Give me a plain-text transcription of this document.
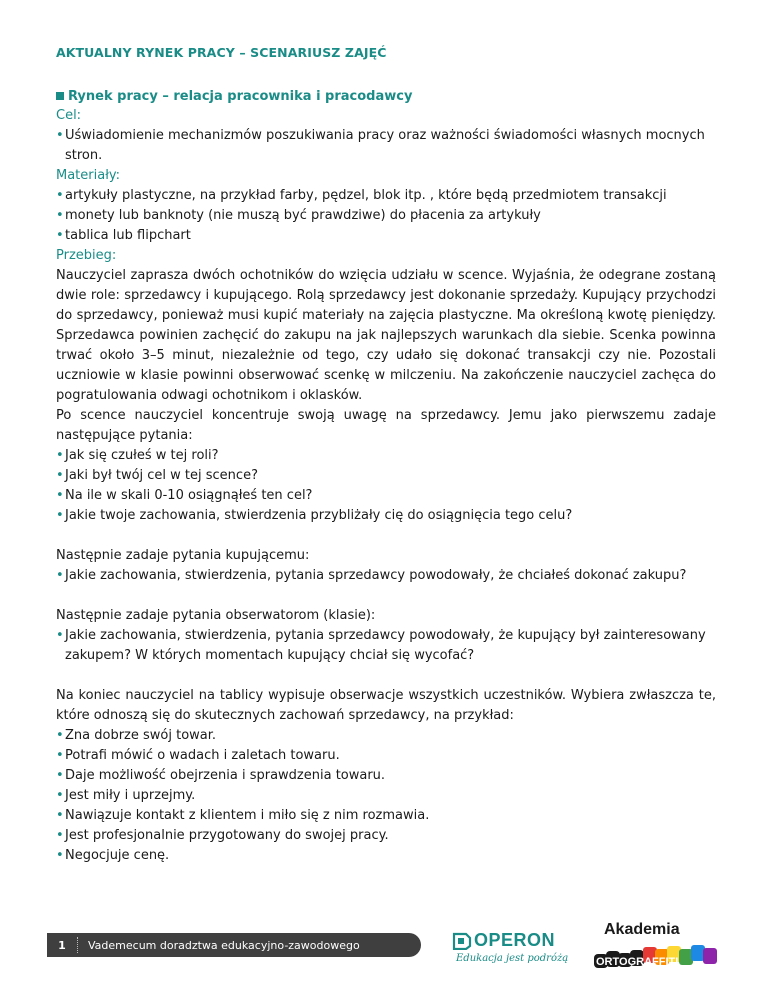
AKTUALNY RYNEK PRACY – SCENARIUSZ ZAJĘĆ
Rynek pracy – relacja pracownika i pracodawcy
Cel:
• Uświadomienie mechanizmów poszukiwania pracy oraz ważności świadomości własnych mocnych stron.
Materiały:
• artykuły plastyczne, na przykład farby, pędzel, blok itp. , które będą przedmiotem transakcji
• monety lub banknoty (nie muszą być prawdziwe) do płacenia za artykuły
• tablica lub flipchart
Przebieg:
Nauczyciel zaprasza dwóch ochotników do wzięcia udziału w scence. Wyjaśnia, że odegrane zostaną dwie role: sprzedawcy i kupującego. Rolą sprzedawcy jest dokonanie sprzedaży. Kupujący przychodzi do sprzedawcy, ponieważ musi kupić materiały na zajęcia plastyczne. Ma określoną kwotę pieniędzy. Sprzedawca powinien zachęcić do zakupu na jak najlepszych warunkach dla siebie. Scenka powinna trwać około 3–5 minut, niezależnie od tego, czy udało się dokonać transakcji czy nie. Pozostali uczniowie w klasie powinni obserwować scenkę w milczeniu. Na zakończenie nauczyciel zachęca do pogratulowania odwagi ochotnikom i oklasków.
Po scence nauczyciel koncentruje swoją uwagę na sprzedawcy. Jemu jako pierwszemu zadaje następujące pytania:
• Jak się czułeś w tej roli?
• Jaki był twój cel w tej scence?
• Na ile w skali 0-10 osiągnąłeś ten cel?
• Jakie twoje zachowania, stwierdzenia przybliżały cię do osiągnięcia tego celu?
Następnie zadaje pytania kupującemu:
• Jakie zachowania, stwierdzenia, pytania sprzedawcy powodowały, że chciałeś dokonać zakupu?
Następnie zadaje pytania obserwatorom (klasie):
• Jakie zachowania, stwierdzenia, pytania sprzedawcy powodowały, że kupujący był zainteresowany zakupem? W których momentach kupujący chciał się wycofać?
Na koniec nauczyciel na tablicy wypisuje obserwacje wszystkich uczestników. Wybiera zwłaszcza te, które odnoszą się do skutecznych zachowań sprzedawcy, na przykład:
• Zna dobrze swój towar.
• Potrafi mówić o wadach i zaletach towaru.
• Daje możliwość obejrzenia i sprawdzenia towaru.
• Jest miły i uprzejmy.
• Nawiązuje kontakt z klientem i miło się z nim rozmawia.
• Jest profesjonalnie przygotowany do swojej pracy.
• Negocjuje cenę.
1	Vademecum doradztwa edukacyjno-zawodowego	OPERON
Edukacja jest podróżą
Akademia
ORTOGRAFFITI
